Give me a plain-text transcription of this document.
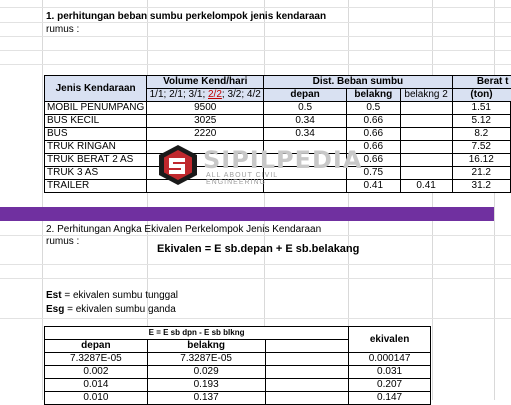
1. perhitungan beban sumbu perkelompok jenis kendaraan
rumus :
Jenis Kendaraan	Volume Kend/hari	Dist. Beban sumbu			Berat t
	1/1; 2/1; 3/1; 2/2; 3/2; 4/2	depan	belakng	belakng 2	(ton)
MOBIL PENUMPANG	9500	0.5	0.5		1.51
BUS KECIL	3025	0.34	0.66		5.12
BUS	2220	0.34	0.66		8.2
TRUK RINGAN			0.66		7.52
TRUK BERAT 2 AS			0.66		16.12
TRUK 3 AS			0.75		21.2
TRAILER			0.41	0.41	31.2
SIPILPEDIA
ALL ABOUT CIVIL ENGINEERING
2. Perhitungan Angka Ekivalen Perkelompok Jenis Kendaraan
rumus :
Ekivalen = E sb.depan + E sb.belakang
Est = ekivalen sumbu tunggal
Esg = ekivalen sumbu ganda
E = E sb dpn - E sb blkng			ekivalen
depan	belakng		
7.3287E-05	7.3287E-05		0.000147
0.002	0.029		0.031
0.014	0.193		0.207
0.010	0.137		0.147
